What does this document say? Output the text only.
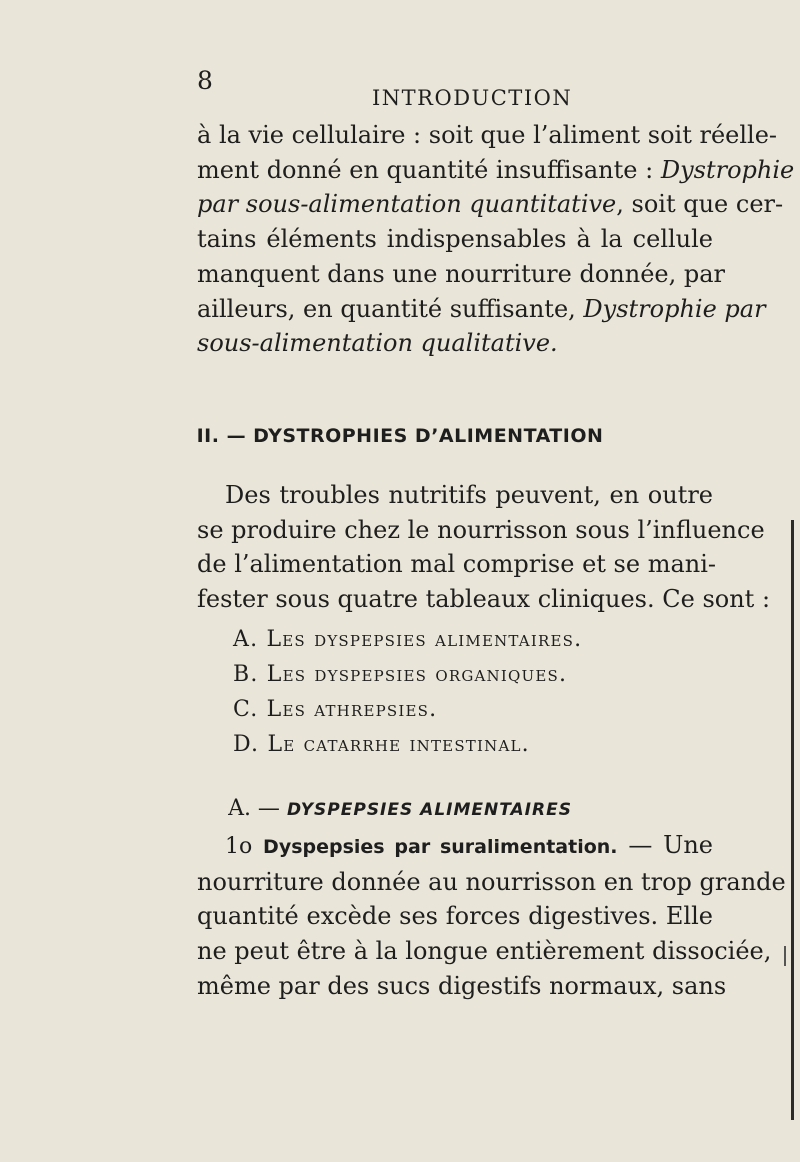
8
INTRODUCTION

à la vie cellulaire : soit que l’aliment soit réelle-
ment donné en quantité insuffisante : Dystrophie
par sous-alimentation quantitative, soit que cer-
tains éléments indispensables à la cellule
manquent dans une nourriture donnée, par
ailleurs, en quantité suffisante, Dystrophie par
sous-alimentation qualitative.

II. — DYSTROPHIES D’ALIMENTATION

Des troubles nutritifs peuvent, en outre
se produire chez le nourrisson sous l’influence
de l’alimentation mal comprise et se mani-
fester sous quatre tableaux cliniques. Ce sont :

A. Les dyspepsies alimentaires.
B. Les dyspepsies organiques.
C. Les athrepsies.
D. Le catarrhe intestinal.
A. — DYSPEPSIES ALIMENTAIRES

1o Dyspepsies par suralimentation. — Une
nourriture donnée au nourrisson en trop grande
quantité excède ses forces digestives. Elle
ne peut être à la longue entièrement dissociée,
même par des sucs digestifs normaux, sans
